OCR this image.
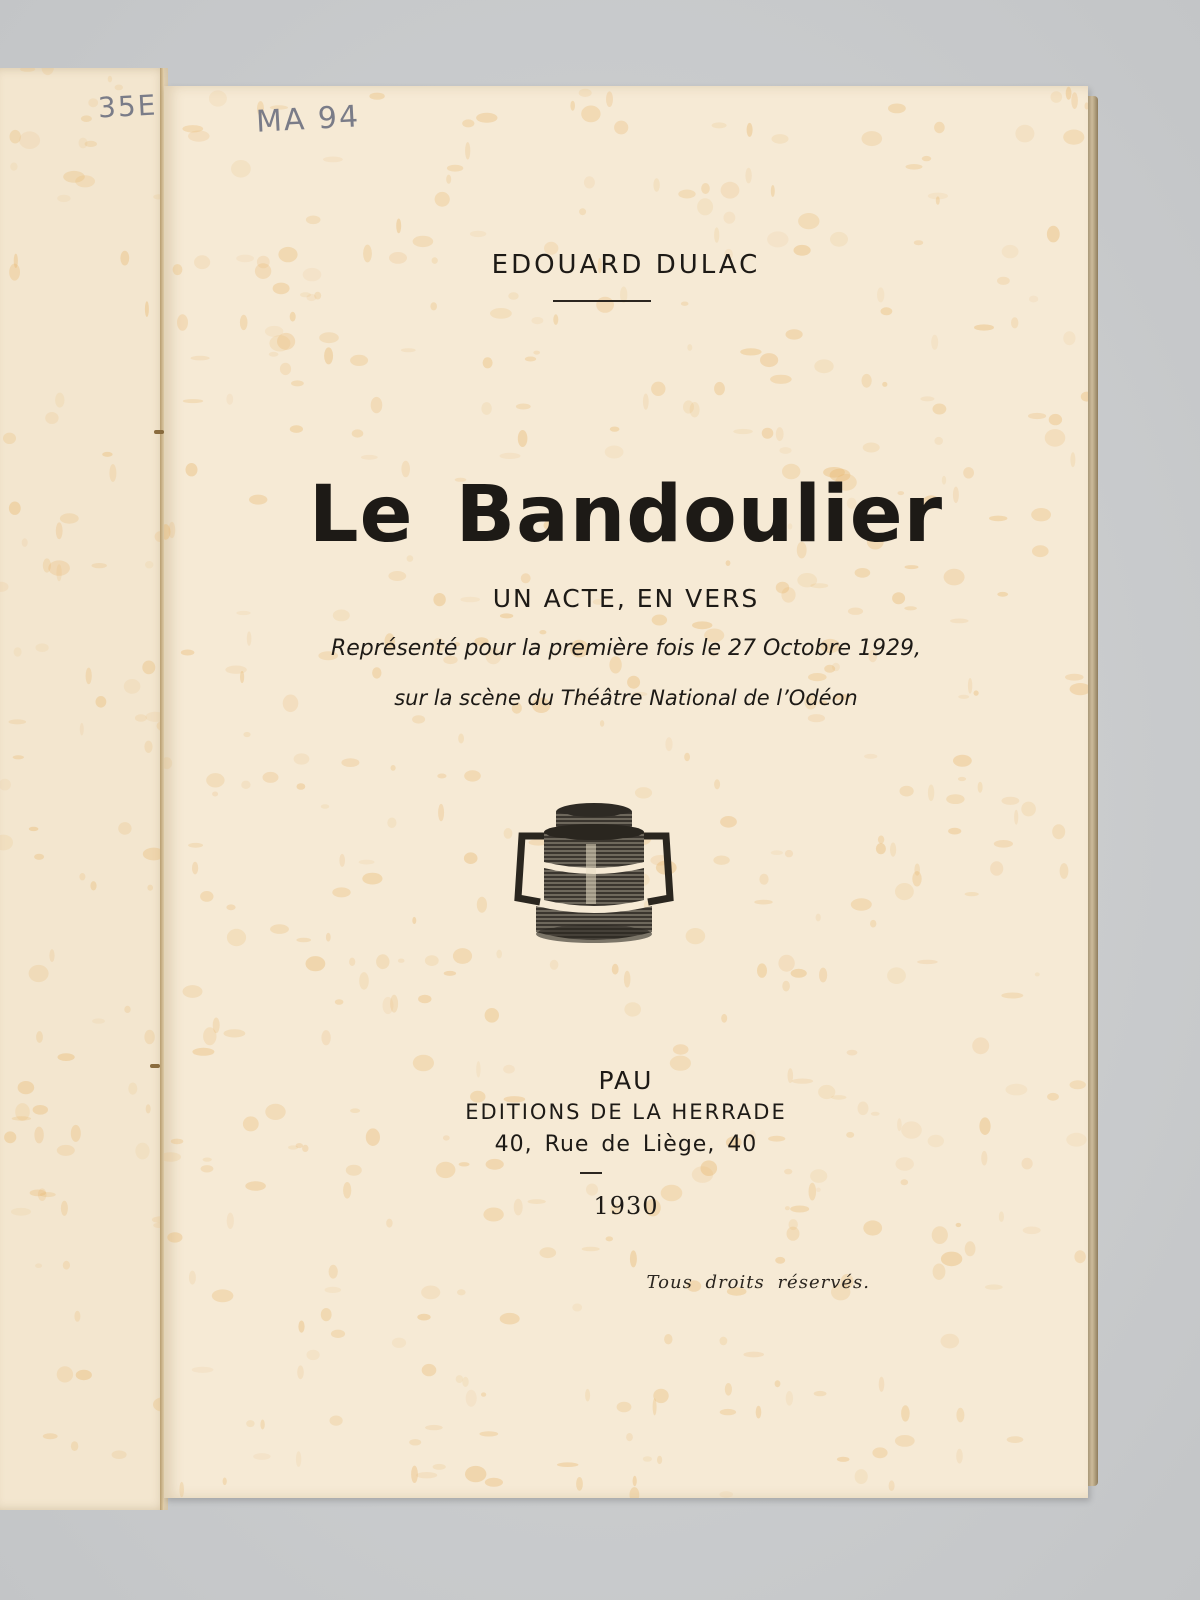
35E	MA 94
EDOUARD DULAC
Le Bandoulier
UN ACTE, EN VERS
Représenté pour la première fois le 27 Octobre 1929,
sur la scène du Théâtre National de l’Odéon
PAU
EDITIONS DE LA HERRADE
40, Rue de Liège, 40
1930
Tous droits réservés.
